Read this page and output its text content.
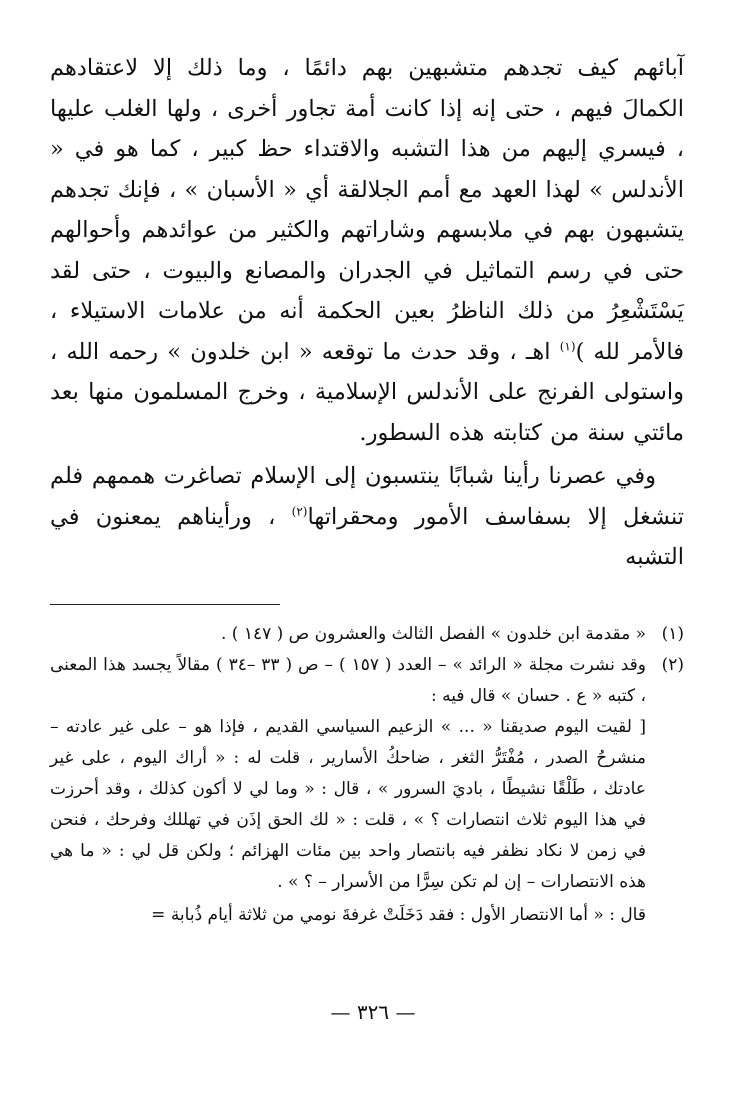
آبائهم كيف تجدهم متشبهين بهم دائمًا ، وما ذلك إلا لاعتقادهم الكمالَ فيهم ، حتى إنه إذا كانت أمة تجاور أخرى ، ولها الغلب عليها ، فيسري إليهم من هذا التشبه والاقتداء حظ كبير ، كما هو في « الأندلس » لهذا العهد مع أمم الجلالقة أي « الأسبان » ، فإنك تجدهم يتشبهون بهم في ملابسهم وشاراتهم والكثير من عوائدهم وأحوالهم حتى في رسم التماثيل في الجدران والمصانع والبيوت ، حتى لقد يَسْتَشْعِرُ من ذلك الناظرُ بعين الحكمة أنه من علامات الاستيلاء ، فالأمر لله )$^{(١)}$ اهـ ، وقد حدث ما توقعه « ابن خلدون » رحمه الله ، واستولى الفرنج على الأندلس الإسلامية ، وخرج المسلمون منها بعد مائتي سنة من كتابته هذه السطور.

وفي عصرنا رأينا شبابًا ينتسبون إلى الإسلام تصاغرت هممهم فلم تنشغل إلا بسفاسف الأمور ومحقراتها$^{(٢)}$ ، ورأيناهم يمعنون في التشبه

(١)
« مقدمة ابن خلدون » الفصل الثالث والعشرون ص ( ١٤٧ ) .
(٢)
وقد نشرت مجلة « الرائد » – العدد ( ١٥٧ ) – ص ( ٣٣ –٣٤ ) مقالاً يجسد هذا المعنى ، كتبه « ع . حسان » قال فيه :

[ لقيت اليوم صديقنا « ... » الزعيم السياسي القديم ، فإذا هو – على غير عادته – منشرحُ الصدر ، مُفْتَرُّ الثغر ، ضاحكُ الأسارير ، قلت له : « أراك اليوم ، على غير عادتك ، طَلْقًا نشيطًا ، باديَ السرور » ، قال : « وما لي لا أكون كذلك ، وقد أحرزت في هذا اليوم ثلاث انتصارات ؟ » ، قلت : « لك الحق إذَن في تهللك وفرحك ، فنحن في زمن لا نكاد نظفر فيه بانتصار واحد بين مئات الهزائم ؛ ولكن قل لي : « ما هي هذه الانتصارات – إن لم تكن سِرًّا من الأسرار – ؟ » .

قال : « أما الانتصار الأول : فقد دَخَلَتْ غرفةَ نومي من ثلاثة أيام ذُبابة =

— ٣٢٦ —
